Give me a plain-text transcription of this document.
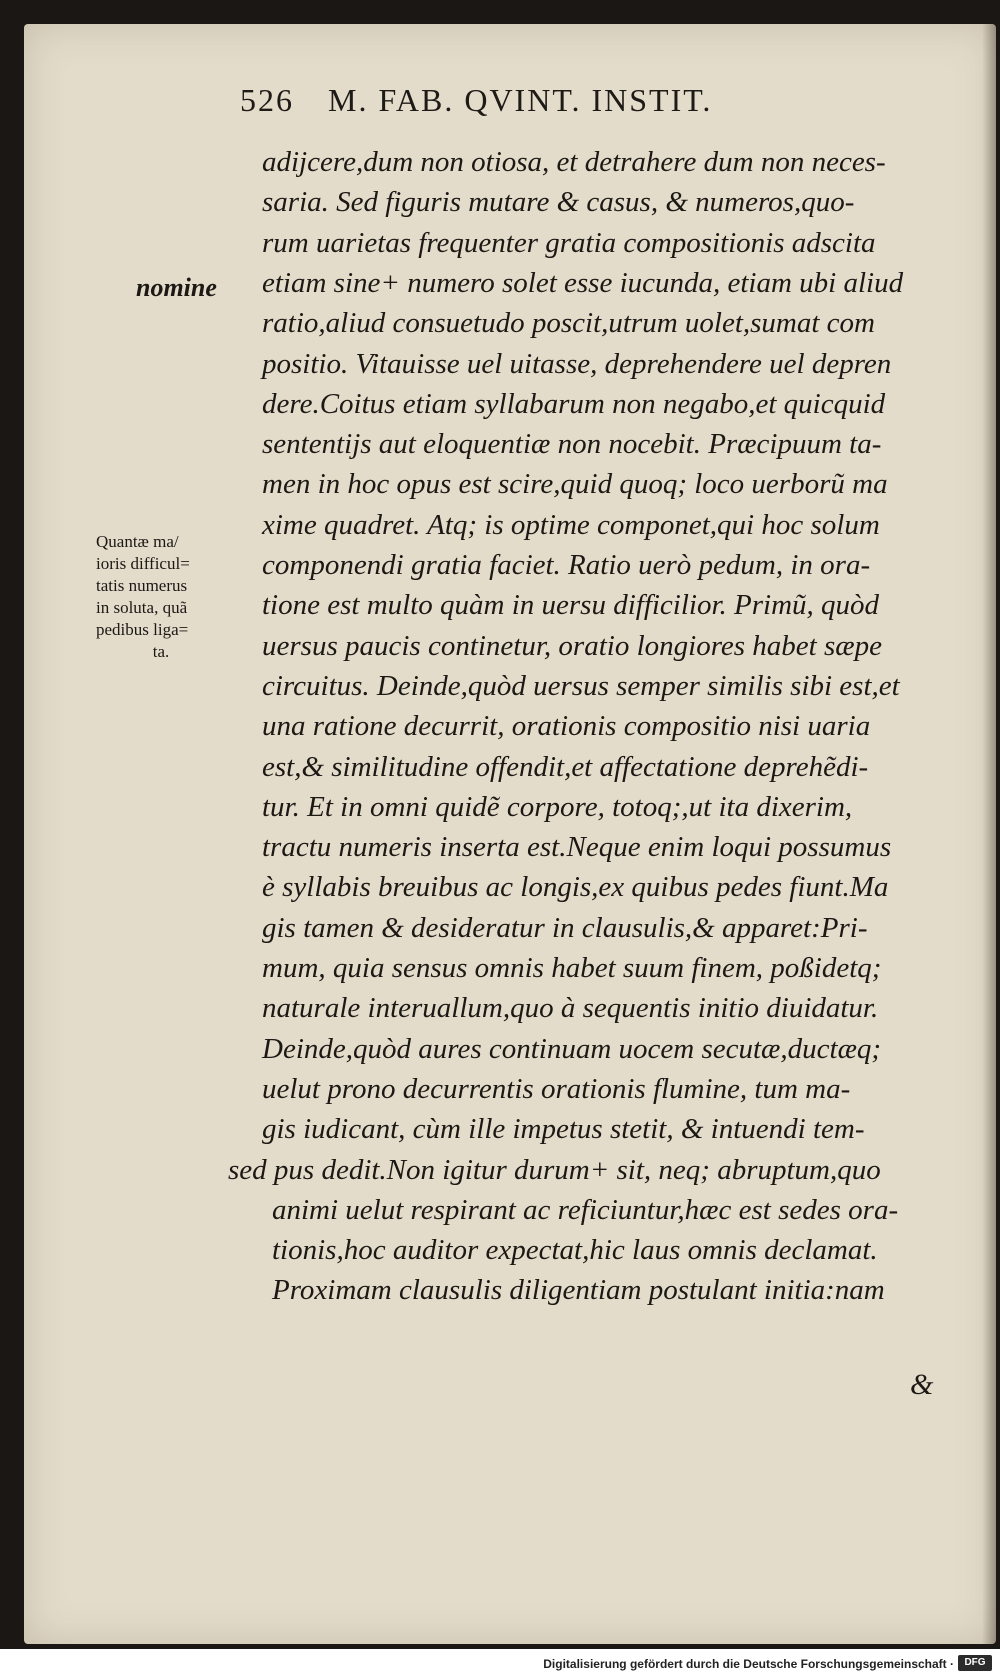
526 M. FAB. QVINT. INSTIT.
nomine
Quantæ ma/
ioris difficul=
tatis numerus
in soluta, quã
pedibus liga=
ta.
adijcere,dum non otiosa, et detrahere dum non neces-
saria. Sed figuris mutare & casus, & numeros,quo-
rum uarietas frequenter gratia compositionis adscita
etiam sine+ numero solet esse iucunda, etiam ubi aliud
ratio,aliud consuetudo poscit,utrum uolet,sumat com
positio. Vitauisse uel uitasse, deprehendere uel depren
dere.Coitus etiam syllabarum non negabo,et quicquid
sententijs aut eloquentiæ non nocebit. Præcipuum ta-
men in hoc opus est scire,quid quoq; loco uerborũ ma
xime quadret. Atq; is optime componet,qui hoc solum
componendi gratia faciet. Ratio uerò pedum, in ora-
tione est multo quàm in uersu difficilior. Primũ, quòd
uersus paucis continetur, oratio longiores habet sæpe
circuitus. Deinde,quòd uersus semper similis sibi est,et
una ratione decurrit, orationis compositio nisi uaria
est,& similitudine offendit,et affectatione deprehẽdi-
tur. Et in omni quidẽ corpore, totoq;,ut ita dixerim,
tractu numeris inserta est.Neque enim loqui possumus
è syllabis breuibus ac longis,ex quibus pedes fiunt.Ma
gis tamen & desideratur in clausulis,& apparet:Pri-
mum, quia sensus omnis habet suum finem, poßidetq;
naturale interuallum,quo à sequentis initio diuidatur.
Deinde,quòd aures continuam uocem secutæ,ductæq;
uelut prono decurrentis orationis flumine, tum ma-
gis iudicant, cùm ille impetus stetit, & intuendi tem-
sed pus dedit.Non igitur durum+ sit, neq; abruptum,quo
animi uelut respirant ac reficiuntur,hæc est sedes ora-
tionis,hoc auditor expectat,hic laus omnis declamat.
Proximam clausulis diligentiam postulant initia:nam
&
Digitalisierung gefördert durch die Deutsche Forschungsgemeinschaft ·	DFG
